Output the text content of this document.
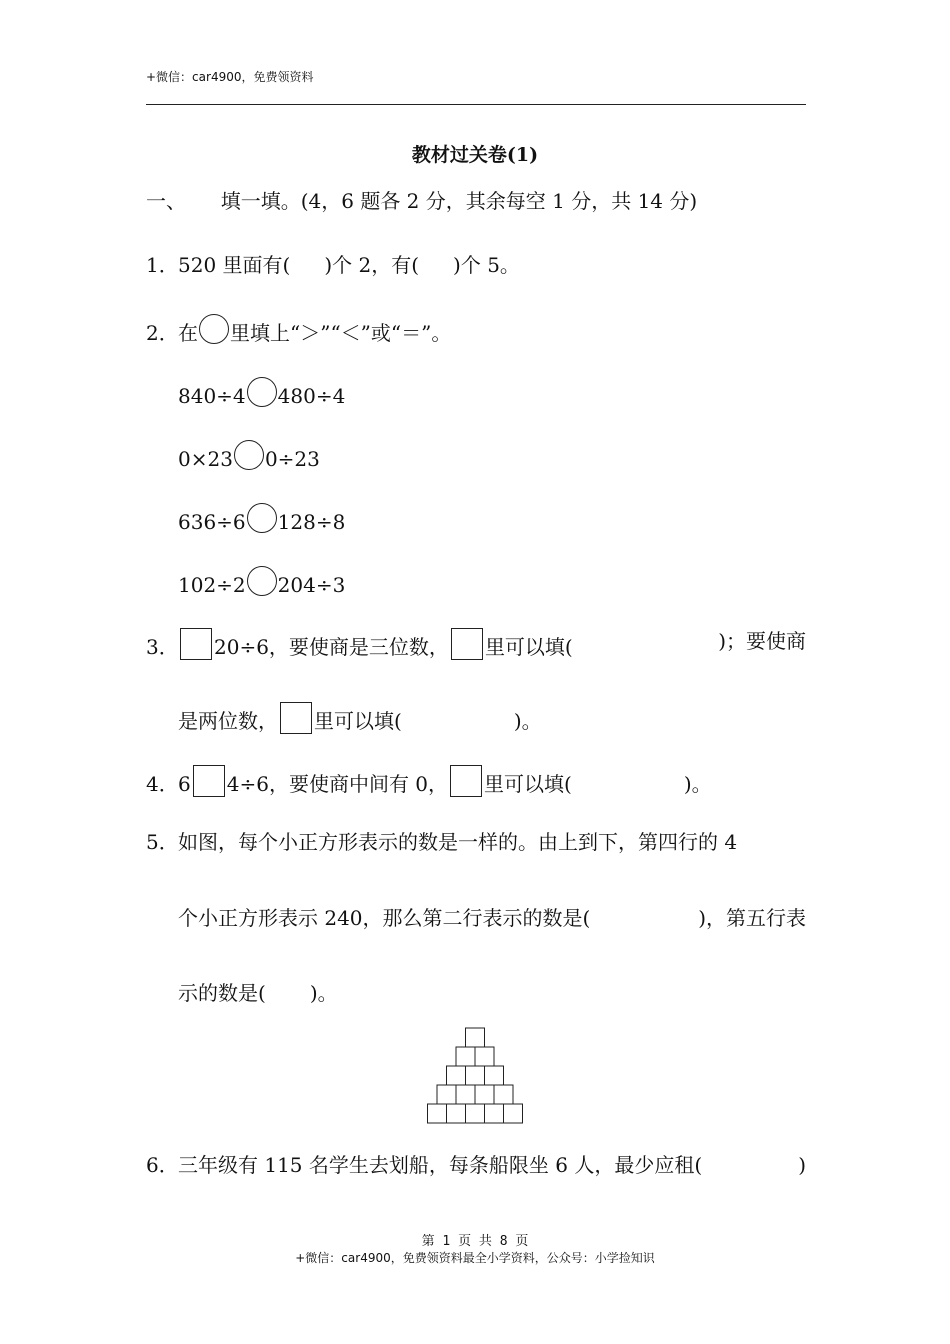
+微信：car4900，免费领资料
教材过关卷(1)
一、 填一填。(4，6 题各 2 分，其余每空 1 分，共 14 分)
1．520 里面有( )个 2，有( )个 5。
2．在 里填上“＞”“＜”或“＝”。
840÷4 480÷4
0×23 0÷23
636÷6 128÷8
102÷2 204÷3
3． 20÷6，要使商是三位数， 里可以填(	)；要使商
是两位数， 里可以填(	)。
4．6 4÷6，要使商中间有 0， 里可以填(	)。
5．如图，每个小正方形表示的数是一样的。由上到下，第四行的 4
个小正方形表示 240，那么第二行表示的数是(	)，第五行表
示的数是( )。
6．三年级有 115 名学生去划船，每条船限坐 6 人，最少应租(	)
第 1 页 共 8 页
+微信：car4900，免费领资料最全小学资料，公众号：小学捡知识
